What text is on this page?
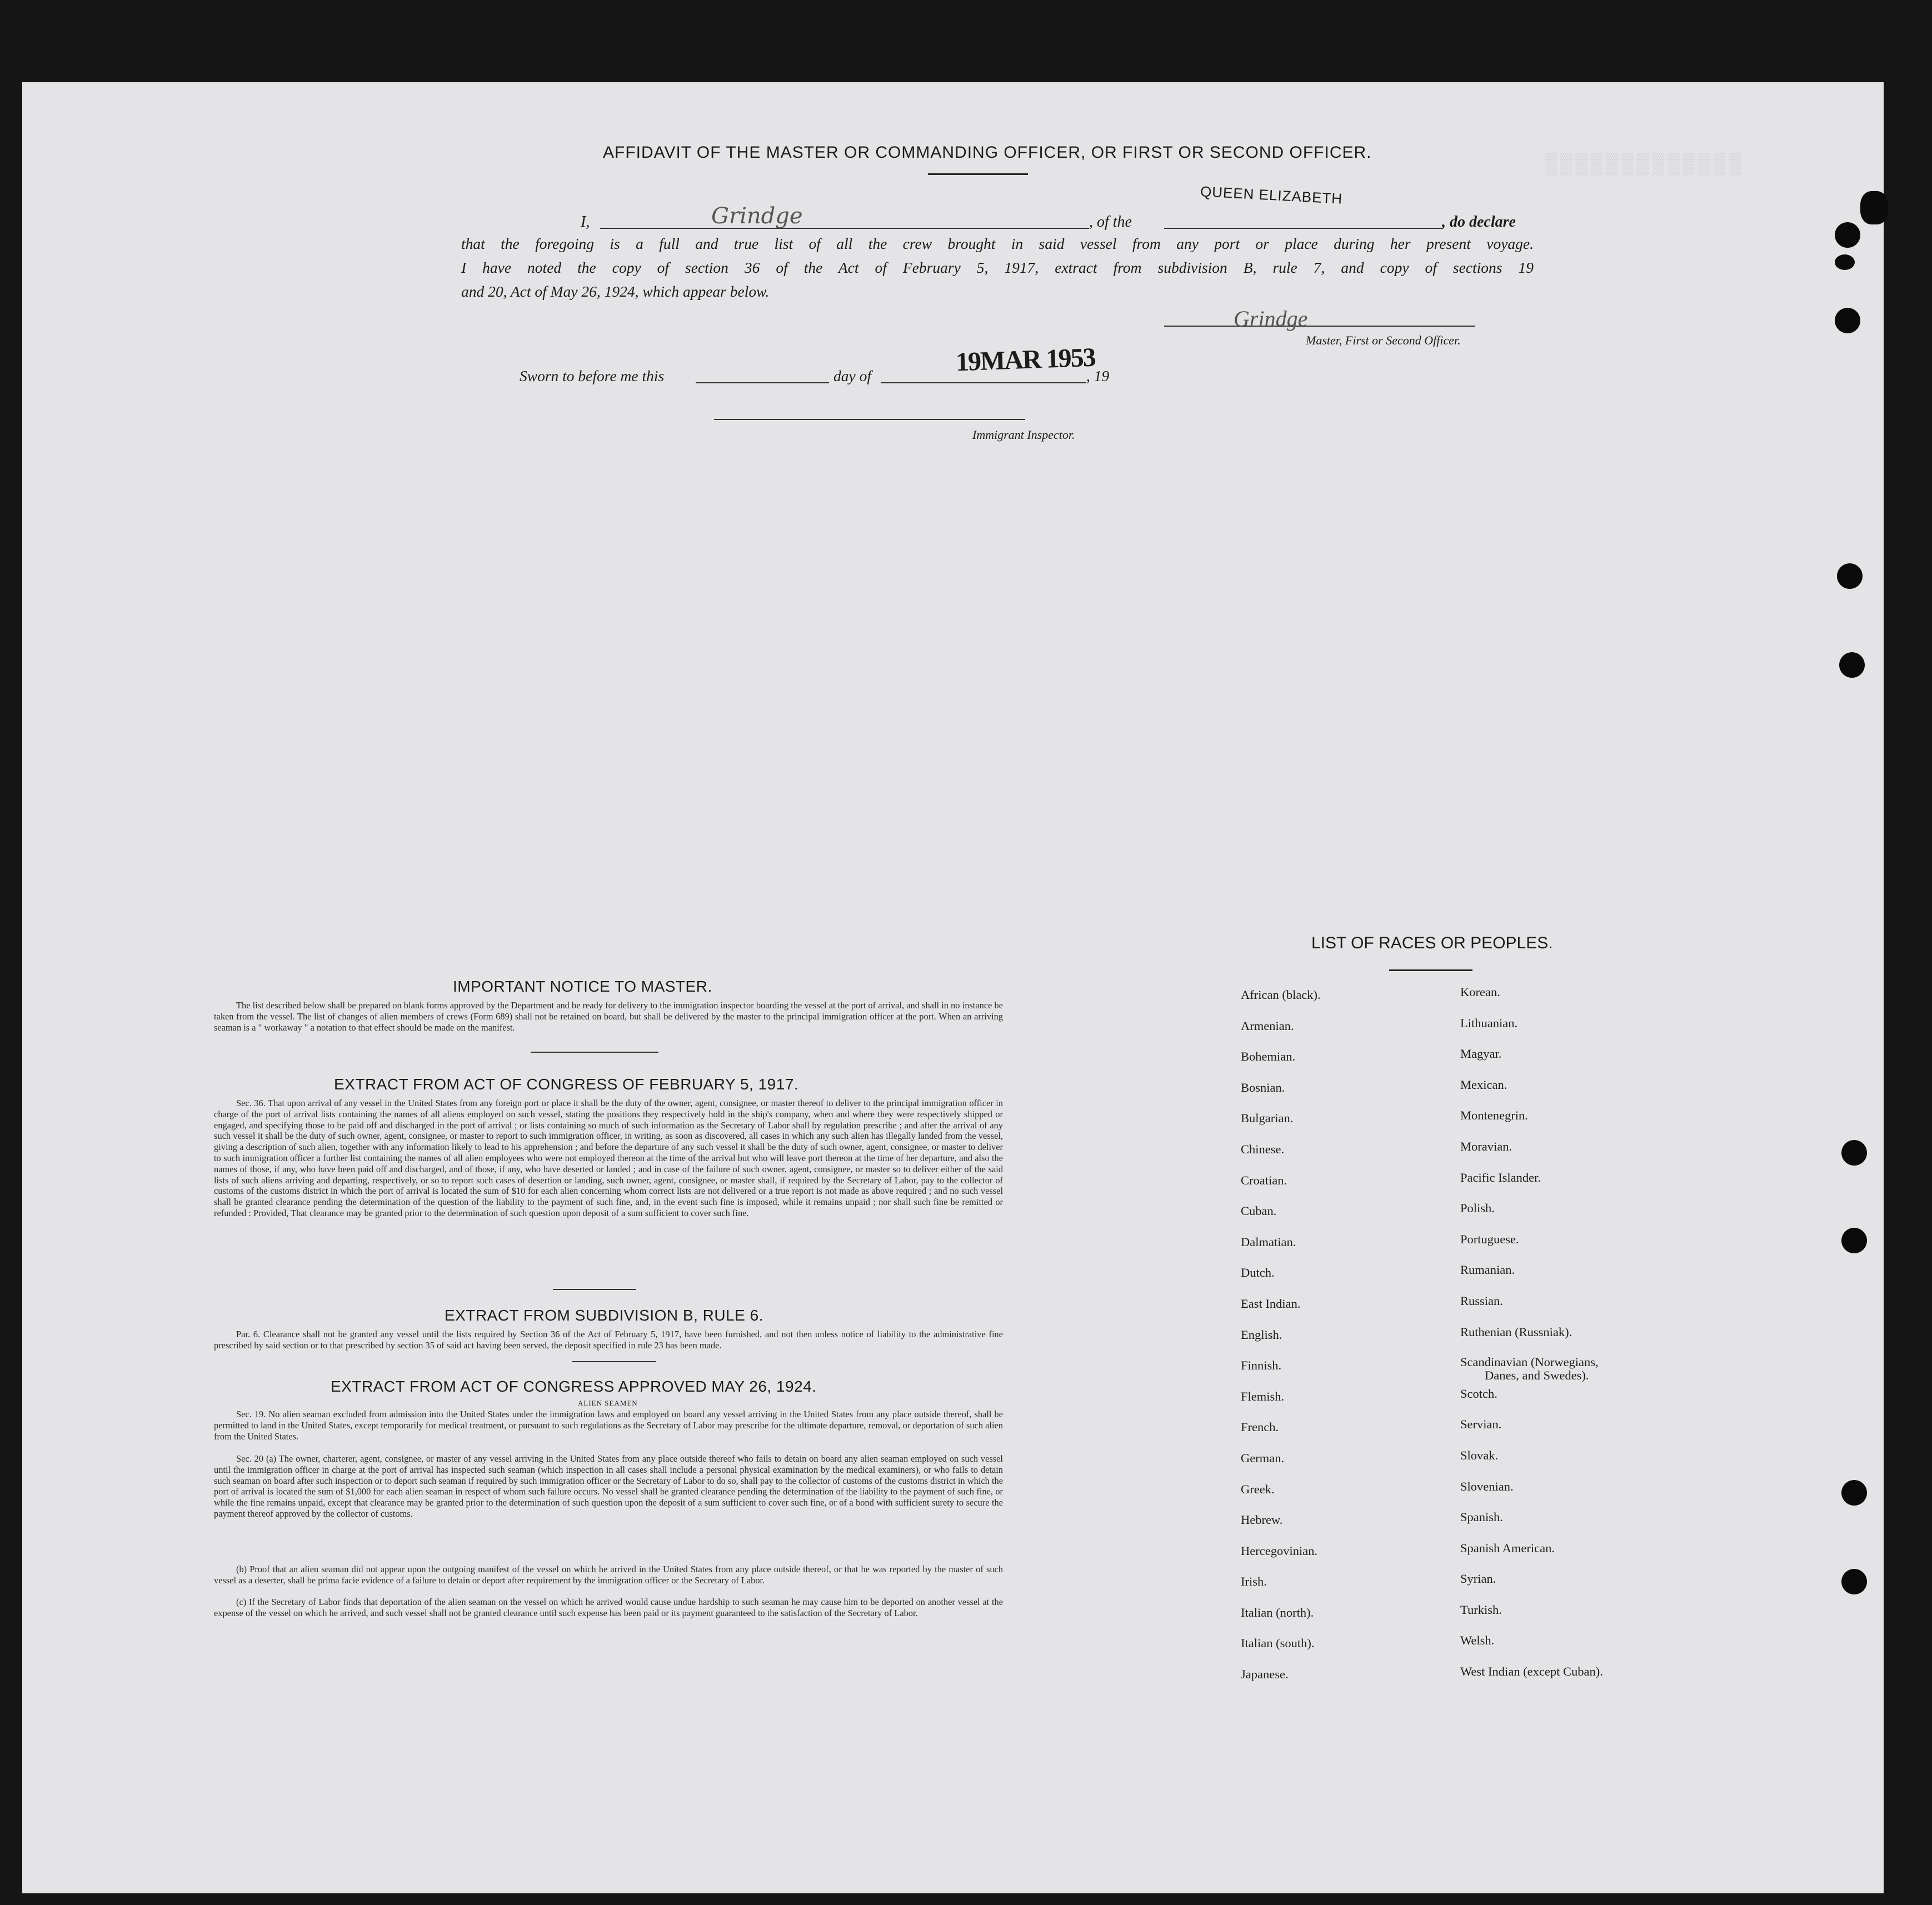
▒▒▒▒▒▒▒▒▒▒▒▒▒
AFFIDAVIT OF THE MASTER OR COMMANDING OFFICER, OR FIRST OR SECOND OFFICER.
I,	Grindge	, of the
QUEEN ELIZABETH
, do declare
that the foregoing is a full and true list of all the crew brought in said vessel from any port or place during her present voyage.
I have noted the copy of section 36 of the Act of February 5, 1917, extract from subdivision B, rule 7, and copy of sections 19
and 20, Act of May 26, 1924, which appear below.
Grindge
Master, First or Second Officer.
Sworn to before me this	day of	19MAR 1953
, 19
Immigrant Inspector.
IMPORTANT NOTICE TO MASTER.
The list described below shall be prepared on blank forms approved by the Department and be ready for delivery to the immigration inspector boarding the vessel at the port of arrival, and shall in no instance be taken from the vessel. The list of changes of alien members of crews (Form 689) shall not be retained on board, but shall be delivered by the master to the principal immigration officer at the port. When an arriving seaman is a " workaway " a notation to that effect should be made on the manifest.
EXTRACT FROM ACT OF CONGRESS OF FEBRUARY 5, 1917.
Sec. 36. That upon arrival of any vessel in the United States from any foreign port or place it shall be the duty of the owner, agent, consignee, or master thereof to deliver to the principal immigration officer in charge of the port of arrival lists containing the names of all aliens employed on such vessel, stating the positions they respectively hold in the ship's company, when and where they were respectively shipped or engaged, and specifying those to be paid off and discharged in the port of arrival ; or lists containing so much of such information as the Secretary of Labor shall by regulation prescribe ; and after the arrival of any such vessel it shall be the duty of such owner, agent, consignee, or master to report to such immigration officer, in writing, as soon as discovered, all cases in which any such alien has illegally landed from the vessel, giving a description of such alien, together with any information likely to lead to his apprehension ; and before the departure of any such vessel it shall be the duty of such owner, agent, consignee, or master to deliver to such immigration officer a further list containing the names of all alien employees who were not employed thereon at the time of the arrival but who will leave port thereon at the time of her departure, and also the names of those, if any, who have been paid off and discharged, and of those, if any, who have deserted or landed ; and in case of the failure of such owner, agent, consignee, or master so to deliver either of the said lists of such aliens arriving and departing, respectively, or so to report such cases of desertion or landing, such owner, agent, consignee, or master shall, if required by the Secretary of Labor, pay to the collector of customs of the customs district in which the port of arrival is located the sum of $10 for each alien concerning whom correct lists are not delivered or a true report is not made as above required ; and no such vessel shall be granted clearance pending the determination of the question of the liability to the payment of such fine, and, in the event such fine is imposed, while it remains unpaid ; nor shall such fine be remitted or refunded : Provided, That clearance may be granted prior to the determination of such question upon deposit of a sum sufficient to cover such fine.
EXTRACT FROM SUBDIVISION B, RULE 6.
Par. 6. Clearance shall not be granted any vessel until the lists required by Section 36 of the Act of February 5, 1917, have been furnished, and not then unless notice of liability to the administrative fine prescribed by said section or to that prescribed by section 35 of said act having been served, the deposit specified in rule 23 has been made.
EXTRACT FROM ACT OF CONGRESS APPROVED MAY 26, 1924.
ALIEN SEAMEN
Sec. 19. No alien seaman excluded from admission into the United States under the immigration laws and employed on board any vessel arriving in the United States from any place outside thereof, shall be permitted to land in the United States, except temporarily for medical treatment, or pursuant to such regulations as the Secretary of Labor may prescribe for the ultimate departure, removal, or deportation of such alien from the United States.
Sec. 20 (a) The owner, charterer, agent, consignee, or master of any vessel arriving in the United States from any place outside thereof who fails to detain on board any alien seaman employed on such vessel until the immigration officer in charge at the port of arrival has inspected such seaman (which inspection in all cases shall include a personal physical examination by the medical examiners), or who fails to detain such seaman on board after such inspection or to deport such seaman if required by such immigration officer or the Secretary of Labor to do so, shall pay to the collector of customs of the customs district in which the port of arrival is located the sum of $1,000 for each alien seaman in respect of whom such failure occurs. No vessel shall be granted clearance pending the determination of the liability to the payment of such fine, or while the fine remains unpaid, except that clearance may be granted prior to the determination of such question upon the deposit of a sum sufficient to cover such fine, or of a bond with sufficient surety to secure the payment thereof approved by the collector of customs.
(b) Proof that an alien seaman did not appear upon the outgoing manifest of the vessel on which he arrived in the United States from any place outside thereof, or that he was reported by the master of such vessel as a deserter, shall be prima facie evidence of a failure to detain or deport after requirement by the immigration officer or the Secretary of Labor.
(c) If the Secretary of Labor finds that deportation of the alien seaman on the vessel on which he arrived would cause undue hardship to such seaman he may cause him to be deported on another vessel at the expense of the vessel on which he arrived, and such vessel shall not be granted clearance until such expense has been paid or its payment guaranteed to the satisfaction of the Secretary of Labor.
LIST OF RACES OR PEOPLES.
African (black).
Armenian.
Bohemian.
Bosnian.
Bulgarian.
Chinese.
Croatian.
Cuban.
Dalmatian.
Dutch.
East Indian.
English.
Finnish.
Flemish.
French.
German.
Greek.
Hebrew.
Hercegovinian.
Irish.
Italian (north).
Italian (south).
Japanese.
Korean.
Lithuanian.
Magyar.
Mexican.
Montenegrin.
Moravian.
Pacific Islander.
Polish.
Portuguese.
Rumanian.
Russian.
Ruthenian (Russniak).
Scandinavian (Norwegians,
Danes, and Swedes).
Scotch.
Servian.
Slovak.
Slovenian.
Spanish.
Spanish American.
Syrian.
Turkish.
Welsh.
West Indian (except Cuban).
